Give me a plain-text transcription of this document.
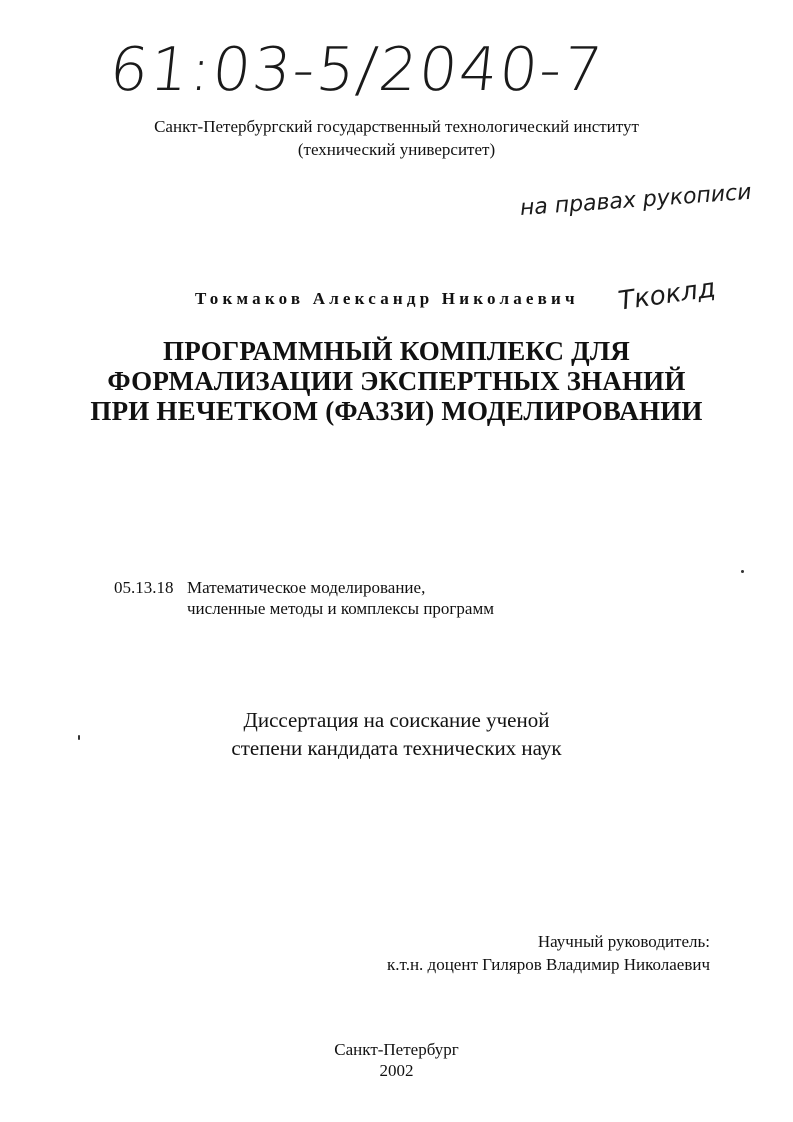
61:03-5/2040-7
Санкт-Петербургский государственный технологический институт
(технический университет)
на правах рукописи
Токмаков Александр Николаевич Ткоклд
ПРОГРАММНЫЙ КОМПЛЕКС ДЛЯ
ФОРМАЛИЗАЦИИ ЭКСПЕРТНЫХ ЗНАНИЙ
ПРИ НЕЧЕТКОМ (ФАЗЗИ) МОДЕЛИРОВАНИИ
05.13.18 Математическое моделирование,
численные методы и комплексы программ
Диссертация на соискание ученой
степени кандидата технических наук
Научный руководитель:
к.т.н. доцент Гиляров Владимир Николаевич
Санкт-Петербург
2002
